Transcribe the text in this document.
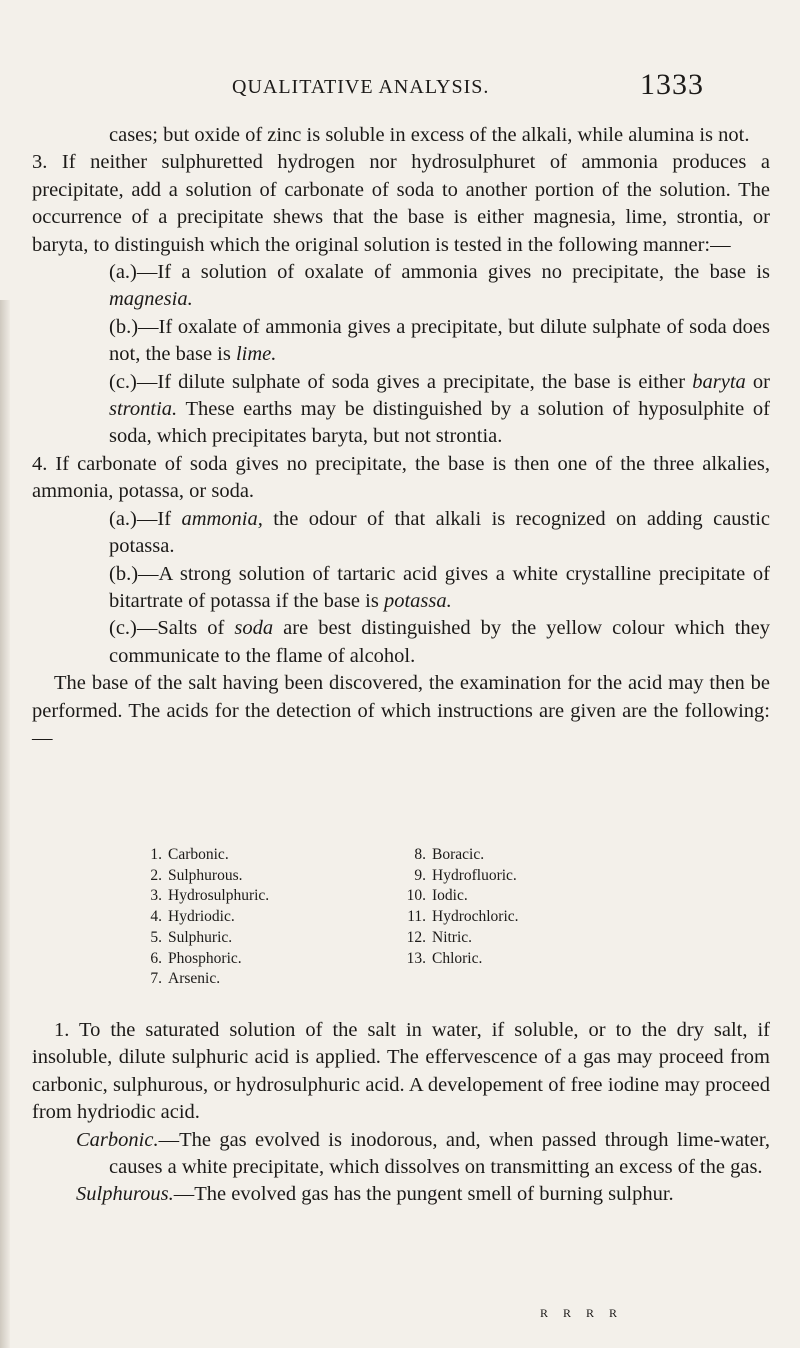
QUALITATIVE ANALYSIS.	1333

cases; but oxide of zinc is soluble in excess of the alkali, while alumina is not.

3. If neither sulphuretted hydrogen nor hydrosulphuret of ammonia produces a precipitate, add a solution of carbonate of soda to another portion of the solution. The occurrence of a precipitate shews that the base is either magnesia, lime, strontia, or baryta, to distinguish which the original solution is tested in the following manner:—

(a.)—If a solution of oxalate of ammonia gives no precipitate, the base is magnesia.

(b.)—If oxalate of ammonia gives a precipitate, but dilute sulphate of soda does not, the base is lime.

(c.)—If dilute sulphate of soda gives a precipitate, the base is either baryta or strontia. These earths may be distinguished by a solution of hyposulphite of soda, which precipitates baryta, but not strontia.

4. If carbonate of soda gives no precipitate, the base is then one of the three alkalies, ammonia, potassa, or soda.

(a.)—If ammonia, the odour of that alkali is recognized on adding caustic potassa.

(b.)—A strong solution of tartaric acid gives a white crystalline precipitate of bitartrate of potassa if the base is potassa.

(c.)—Salts of soda are best distinguished by the yellow colour which they communicate to the flame of alcohol.

The base of the salt having been discovered, the examination for the acid may then be performed. The acids for the detection of which instructions are given are the following:—

1. Carbonic.
2. Sulphurous.
3. Hydrosulphuric.
4. Hydriodic.
5. Sulphuric.
6. Phosphoric.
7. Arsenic.
8. Boracic.
9. Hydrofluoric.
10. Iodic.
11. Hydrochloric.
12. Nitric.
13. Chloric.

1. To the saturated solution of the salt in water, if soluble, or to the dry salt, if insoluble, dilute sulphuric acid is applied. The effervescence of a gas may proceed from carbonic, sulphurous, or hydrosulphuric acid. A developement of free iodine may proceed from hydriodic acid.

Carbonic.—The gas evolved is inodorous, and, when passed through lime-water, causes a white precipitate, which dissolves on transmitting an excess of the gas.

Sulphurous.—The evolved gas has the pungent smell of burning sulphur.

R R R R
